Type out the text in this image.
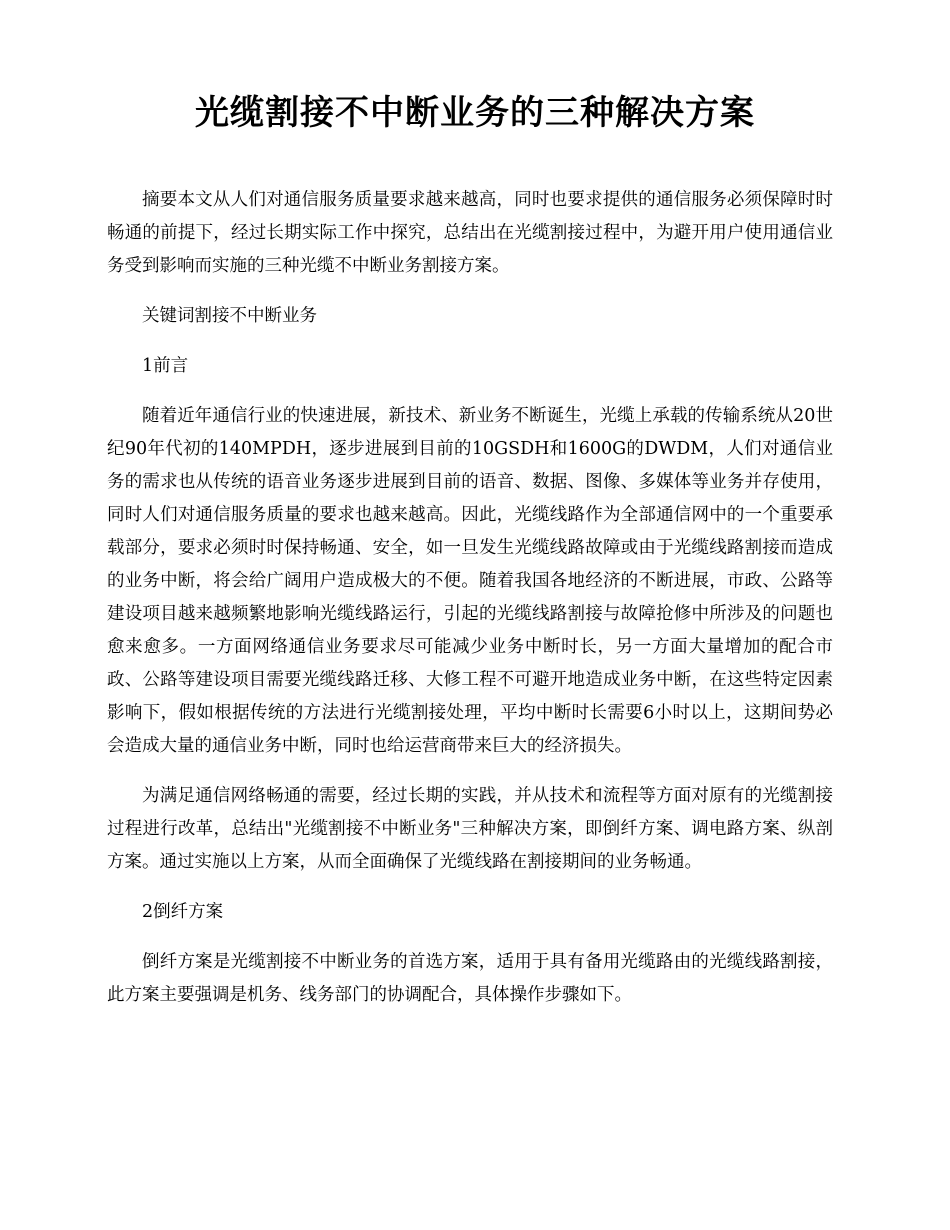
光缆割接不中断业务的三种解决方案

摘要本文从人们对通信服务质量要求越来越高，同时也要求提供的通信服务必须保障时时畅通的前提下，经过长期实际工作中探究，总结出在光缆割接过程中，为避开用户使用通信业务受到影响而实施的三种光缆不中断业务割接方案。

关键词割接不中断业务

1前言

随着近年通信行业的快速进展，新技术、新业务不断诞生，光缆上承载的传输系统从20世纪90年代初的140MPDH，逐步进展到目前的10GSDH和1600G的DWDM，人们对通信业务的需求也从传统的语音业务逐步进展到目前的语音、数据、图像、多媒体等业务并存使用，同时人们对通信服务质量的要求也越来越高。因此，光缆线路作为全部通信网中的一个重要承载部分，要求必须时时保持畅通、安全，如一旦发生光缆线路故障或由于光缆线路割接而造成的业务中断，将会给广阔用户造成极大的不便。随着我国各地经济的不断进展，市政、公路等建设项目越来越频繁地影响光缆线路运行，引起的光缆线路割接与故障抢修中所涉及的问题也愈来愈多。一方面网络通信业务要求尽可能减少业务中断时长，另一方面大量增加的配合市政、公路等建设项目需要光缆线路迁移、大修工程不可避开地造成业务中断，在这些特定因素影响下，假如根据传统的方法进行光缆割接处理，平均中断时长需要6小时以上，这期间势必会造成大量的通信业务中断，同时也给运营商带来巨大的经济损失。

为满足通信网络畅通的需要，经过长期的实践，并从技术和流程等方面对原有的光缆割接过程进行改革，总结出"光缆割接不中断业务"三种解决方案，即倒纤方案、调电路方案、纵剖方案。通过实施以上方案，从而全面确保了光缆线路在割接期间的业务畅通。

2倒纤方案

倒纤方案是光缆割接不中断业务的首选方案，适用于具有备用光缆路由的光缆线路割接，此方案主要强调是机务、线务部门的协调配合，具体操作步骤如下。
